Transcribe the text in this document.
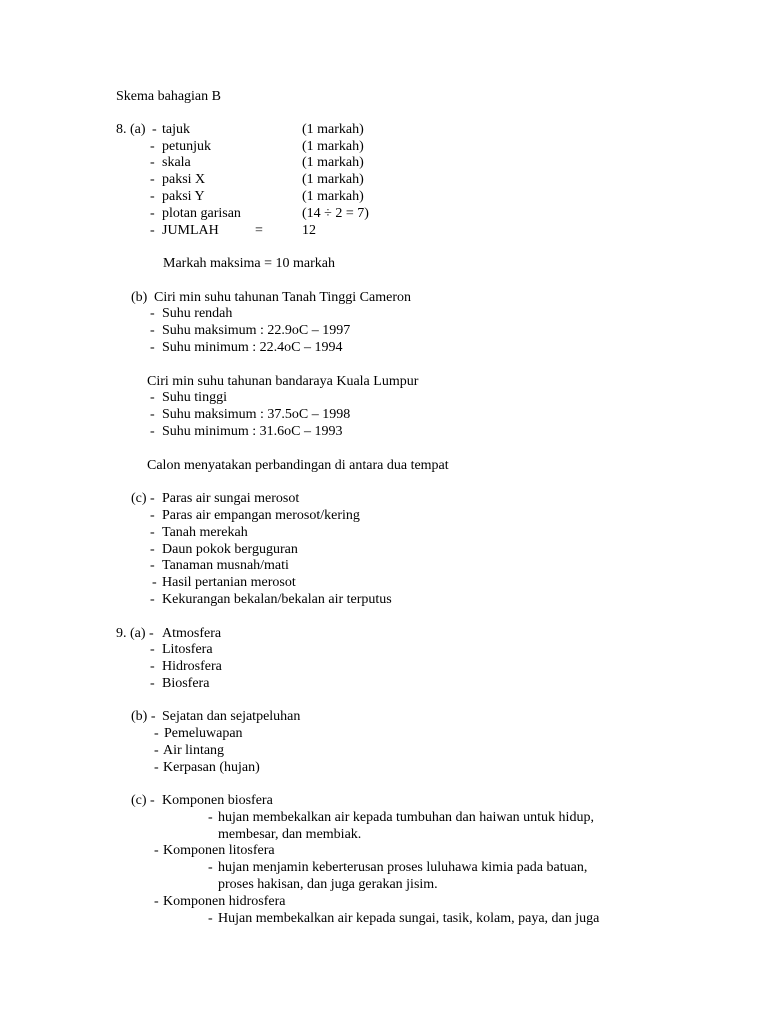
Skema bahagian B
8. (a) - tajuk	(1 markah)
- petunjuk	(1 markah)
- skala	(1 markah)
- paksi X	(1 markah)
- paksi Y	(1 markah)
- plotan garisan	(14 ÷ 2 = 7)
- JUMLAH	=	12
Markah maksima = 10 markah
(b) Ciri min suhu tahunan Tanah Tinggi Cameron
- Suhu rendah
- Suhu maksimum : 22.9oC – 1997
- Suhu minimum : 22.4oC – 1994
Ciri min suhu tahunan bandaraya Kuala Lumpur
- Suhu tinggi
- Suhu maksimum : 37.5oC – 1998
- Suhu minimum : 31.6oC – 1993
Calon menyatakan perbandingan di antara dua tempat
(c) - Paras air sungai merosot
- Paras air empangan merosot/kering
- Tanah merekah
- Daun pokok berguguran
- Tanaman musnah/mati
- Hasil pertanian merosot
- Kekurangan bekalan/bekalan air terputus
9. (a) - Atmosfera
- Litosfera
- Hidrosfera
- Biosfera
(b) - Sejatan dan sejatpeluhan
- Pemeluwapan
- Air lintang
- Kerpasan (hujan)
(c) - Komponen biosfera
- hujan membekalkan air kepada tumbuhan dan haiwan untuk hidup,
membesar, dan membiak.
- Komponen litosfera
- hujan menjamin keberterusan proses luluhawa kimia pada batuan,
proses hakisan, dan juga gerakan jisim.
- Komponen hidrosfera
- Hujan membekalkan air kepada sungai, tasik, kolam, paya, dan juga
